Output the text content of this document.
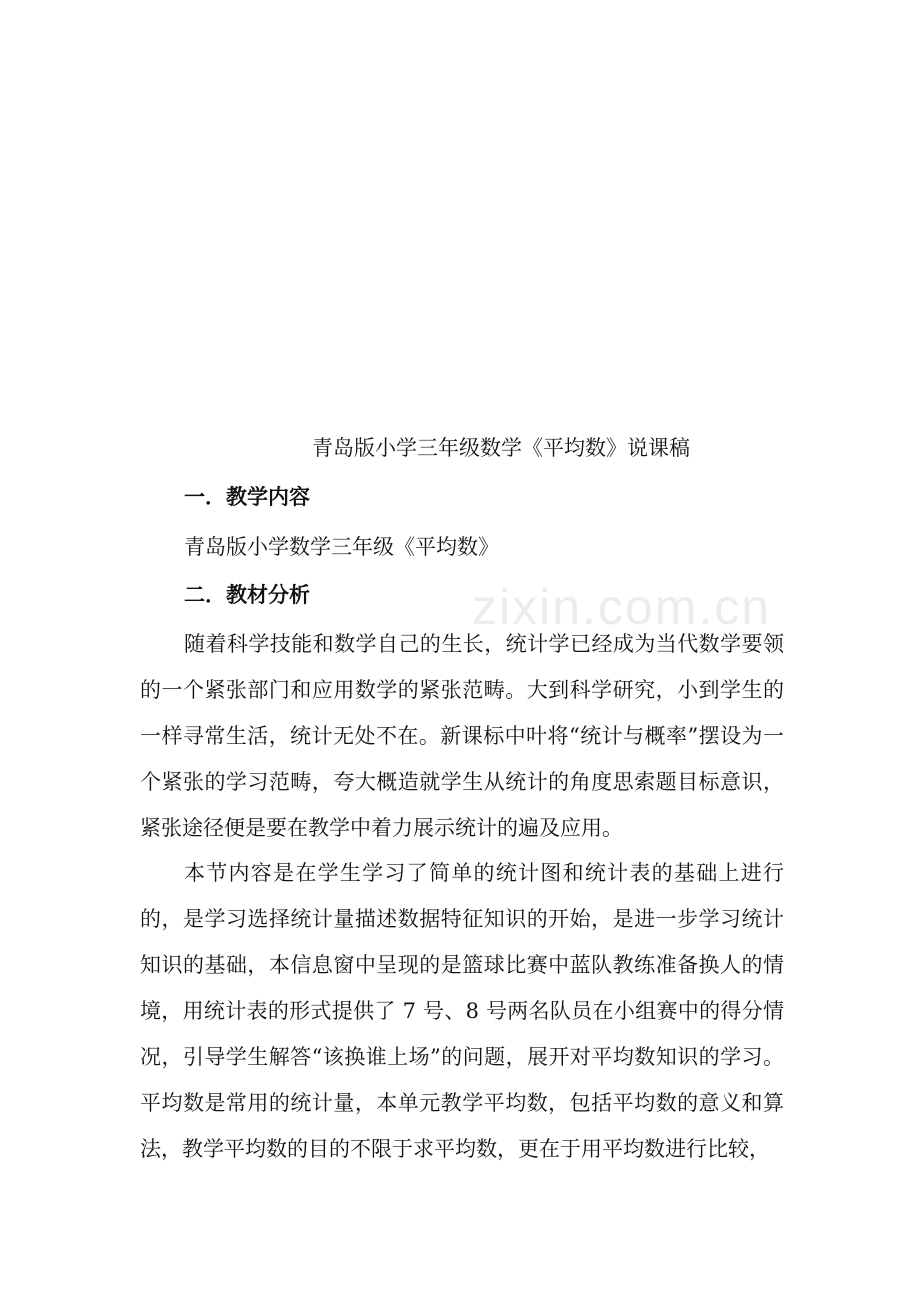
zixin.com.cn
青岛版小学三年级数学《平均数》说课稿
一．教学内容
青岛版小学数学三年级《平均数》
二．教材分析

随着科学技能和数学自己的生长，统计学已经成为当代数学要领的一个紧张部门和应用数学的紧张范畴。大到科学研究，小到学生的一样寻常生活，统计无处不在。新课标中叶将“统计与概率”摆设为一个紧张的学习范畴，夸大概造就学生从统计的角度思索题目标意识，紧张途径便是要在教学中着力展示统计的遍及应用。

本节内容是在学生学习了简单的统计图和统计表的基础上进行的，是学习选择统计量描述数据特征知识的开始，是进一步学习统计知识的基础，本信息窗中呈现的是篮球比赛中蓝队教练准备换人的情境，用统计表的形式提供了 7 号、8 号两名队员在小组赛中的得分情况，引导学生解答“该换谁上场”的问题，展开对平均数知识的学习。平均数是常用的统计量，本单元教学平均数，包括平均数的意义和算法，教学平均数的目的不限于求平均数，更在于用平均数进行比较，
